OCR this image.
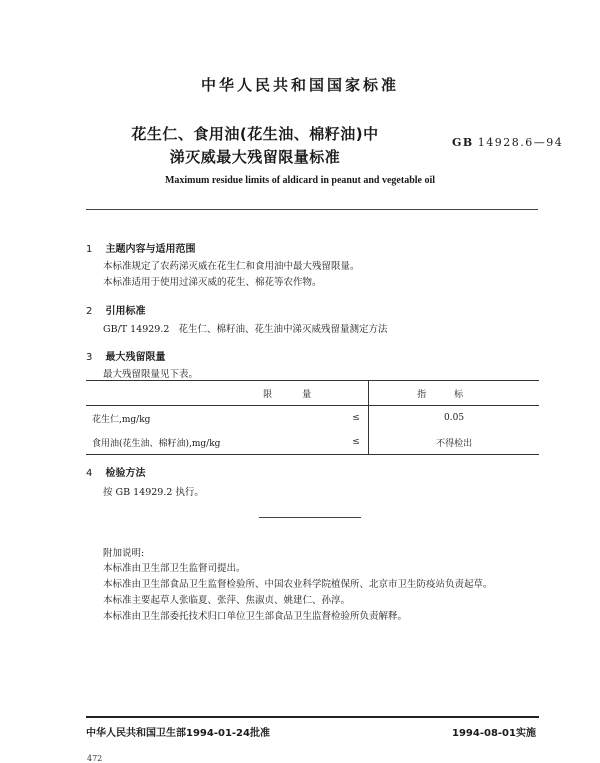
中华人民共和国国家标准
花生仁、食用油(花生油、棉籽油)中
涕灭威最大残留限量标准
GB 14928.6—94
Maximum residue limits of aldicard in peanut and vegetable oil
1 主题内容与适用范围
本标准规定了农药涕灭威在花生仁和食用油中最大残留限量。
本标准适用于使用过涕灭威的花生、棉花等农作物。
2 引用标准
GB/T 14929.2   花生仁、棉籽油、花生油中涕灭威残留量测定方法
3 最大残留限量
最大残留限量见下表。
限量		指标
花生仁,mg/kg	≤	0.05
食用油(花生油、棉籽油),mg/kg	≤	不得检出
4 检验方法
按 GB 14929.2 执行。
附加说明:
本标准由卫生部卫生监督司提出。
本标准由卫生部食品卫生监督检验所、中国农业科学院植保所、北京市卫生防疫站负责起草。
本标准主要起草人张临夏、张萍、焦淑贞、姚建仁、孙淳。
本标准由卫生部委托技术归口单位卫生部食品卫生监督检验所负责解释。
中华人民共和国卫生部1994-01-24批准	1994-08-01实施
472
